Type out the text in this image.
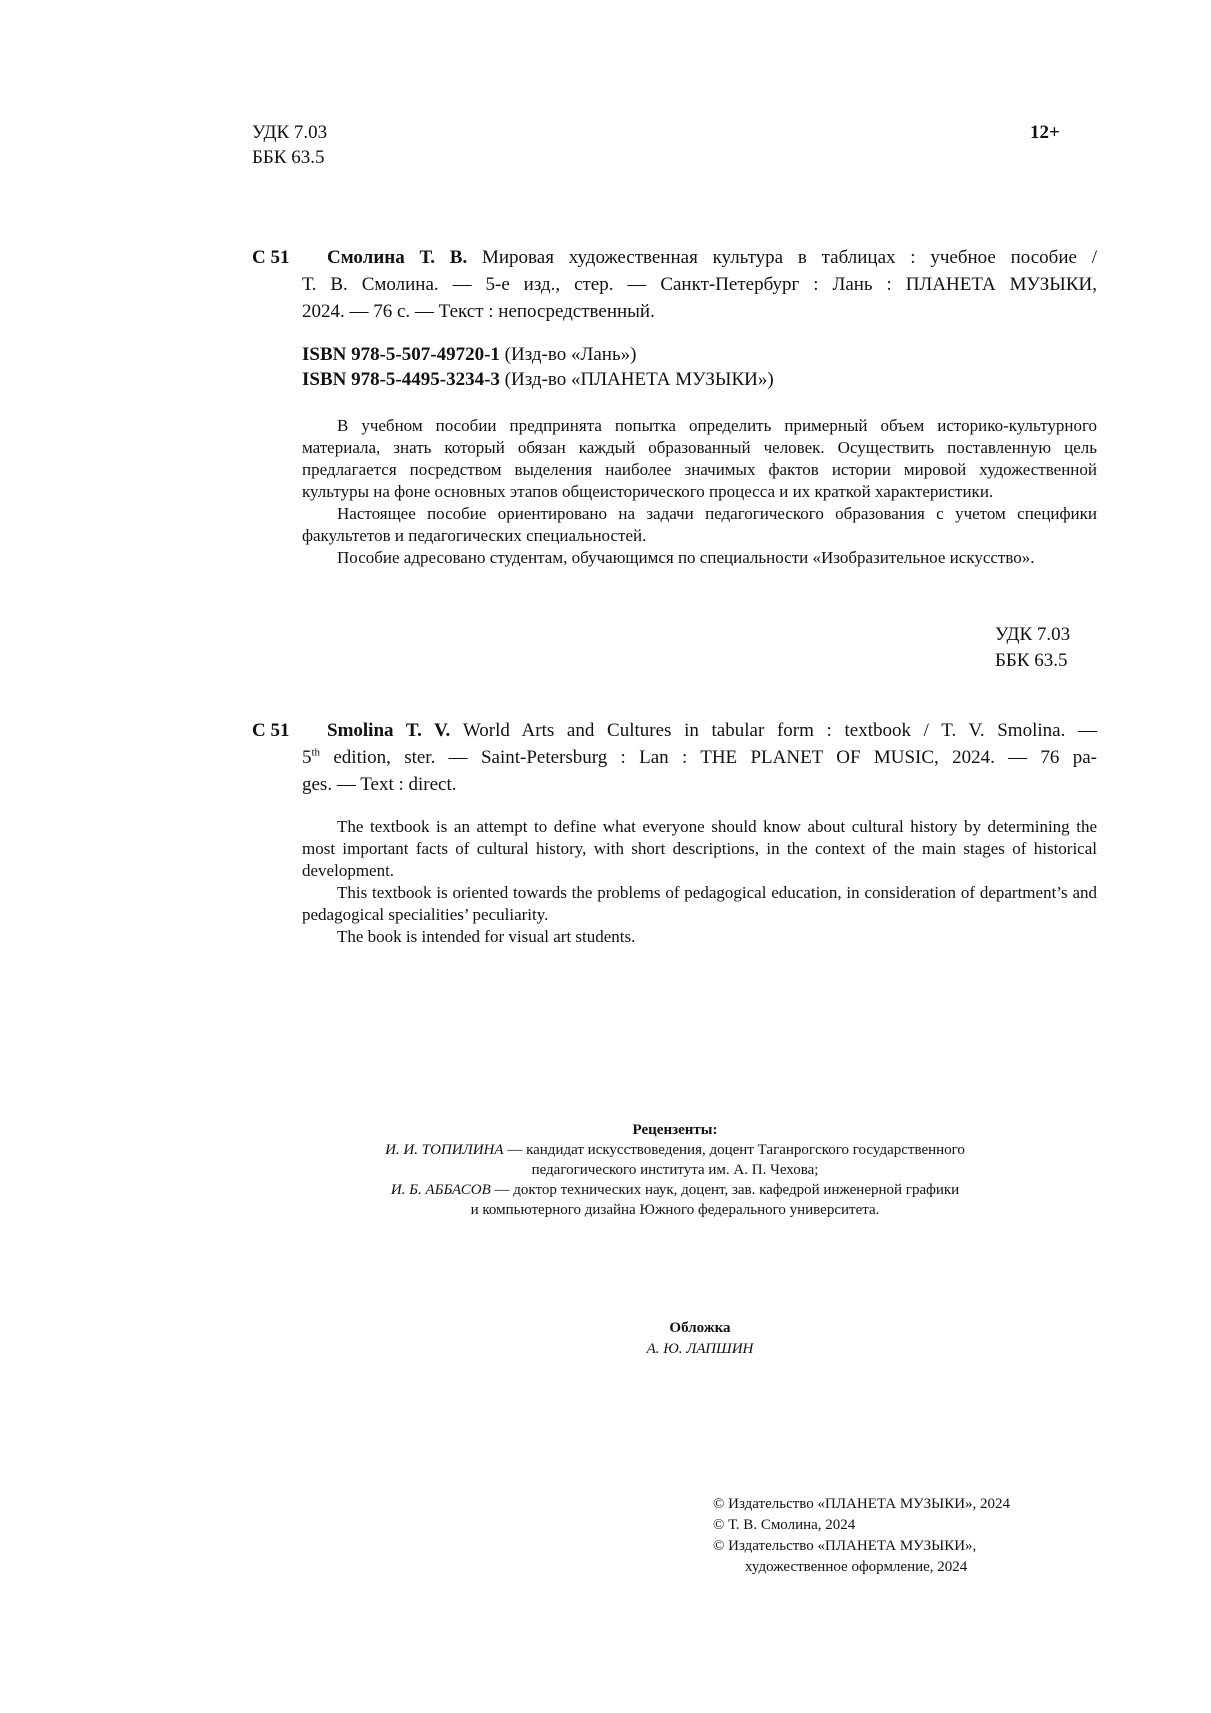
УДК 7.03
ББК 63.5
12+
С 51	Смолина Т. В. Мировая художественная культура в таблицах : учебное пособие /
Т. В. Смолина. — 5-е изд., стер. — Санкт-Петербург : Лань : ПЛАНЕТА МУЗЫКИ,
2024. — 76 с. — Текст : непосредственный.
ISBN 978-5-507-49720-1 (Изд-во «Лань»)
ISBN 978-5-4495-3234-3 (Изд-во «ПЛАНЕТА МУЗЫКИ»)

В учебном пособии предпринята попытка определить примерный объем историко-культурного материала, знать который обязан каждый образованный человек. Осуществить поставленную цель предлагается посредством выделения наиболее значимых фактов истории мировой художественной культуры на фоне основных этапов общеисторического процесса и их краткой характеристики.

Настоящее пособие ориентировано на задачи педагогического образования с учетом специфики факультетов и педагогических специальностей.

Пособие адресовано студентам, обучающимся по специальности «Изобразительное искусство».

УДК 7.03
ББК 63.5
С 51	Smolina T. V. World Arts and Cultures in tabular form : textbook / T. V. Smolina. —
5th edition, ster. — Saint-Petersburg : Lan : THE PLANET OF MUSIC, 2024. — 76 pa-
ges. — Text : direct.

The textbook is an attempt to define what everyone should know about cultural history by determining the most important facts of cultural history, with short descriptions, in the context of the main stages of historical development.

This textbook is oriented towards the problems of pedagogical education, in consideration of department’s and pedagogical specialities’ peculiarity.

The book is intended for visual art students.

Рецензенты:
И. И. ТОПИЛИНА — кандидат искусствоведения, доцент Таганрогского государственного
педагогического института им. А. П. Чехова;
И. Б. АББАСОВ — доктор технических наук, доцент, зав. кафедрой инженерной графики
и компьютерного дизайна Южного федерального университета.
Обложка
А. Ю. ЛАПШИН
© Издательство «ПЛАНЕТА МУЗЫКИ», 2024
© Т. В. Смолина, 2024
© Издательство «ПЛАНЕТА МУЗЫКИ»,
художественное оформление, 2024
